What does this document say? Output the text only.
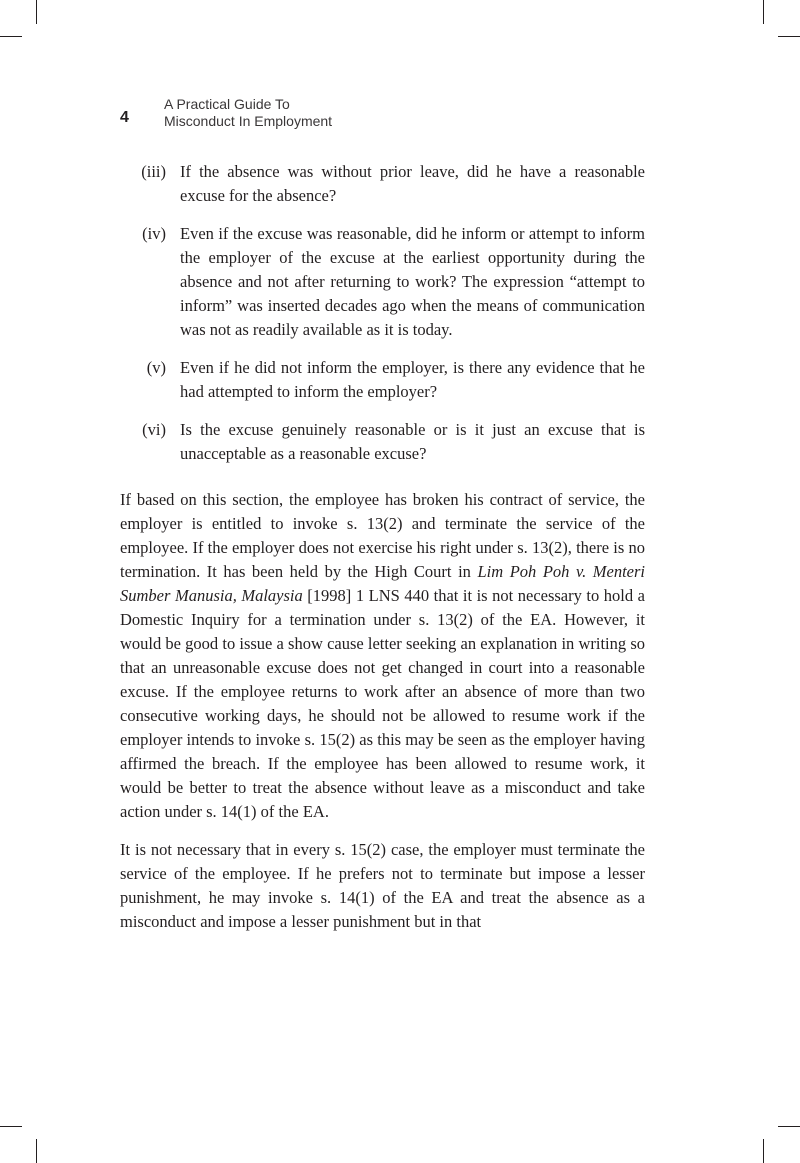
4
A Practical Guide To
Misconduct In Employment
(iii) If the absence was without prior leave, did he have a reasonable excuse for the absence?
(iv) Even if the excuse was reasonable, did he inform or attempt to inform the employer of the excuse at the earliest opportunity during the absence and not after returning to work? The expression “attempt to inform” was inserted decades ago when the means of communication was not as readily available as it is today.
(v) Even if he did not inform the employer, is there any evidence that he had attempted to inform the employer?
(vi) Is the excuse genuinely reasonable or is it just an excuse that is unacceptable as a reasonable excuse?

If based on this section, the employee has broken his contract of service, the employer is entitled to invoke s. 13(2) and terminate the service of the employee. If the employer does not exercise his right under s. 13(2), there is no termination. It has been held by the High Court in Lim Poh Poh v. Menteri Sumber Manusia, Malaysia [1998] 1 LNS 440 that it is not necessary to hold a Domestic Inquiry for a termination under s. 13(2) of the EA. However, it would be good to issue a show cause letter seeking an explanation in writing so that an unreasonable excuse does not get changed in court into a reasonable excuse. If the employee returns to work after an absence of more than two consecutive working days, he should not be allowed to resume work if the employer intends to invoke s. 15(2) as this may be seen as the employer having affirmed the breach. If the employee has been allowed to resume work, it would be better to treat the absence without leave as a misconduct and take action under s. 14(1) of the EA.

It is not necessary that in every s. 15(2) case, the employer must terminate the service of the employee. If he prefers not to terminate but impose a lesser punishment, he may invoke s. 14(1) of the EA and treat the absence as a misconduct and impose a lesser punishment but in that
